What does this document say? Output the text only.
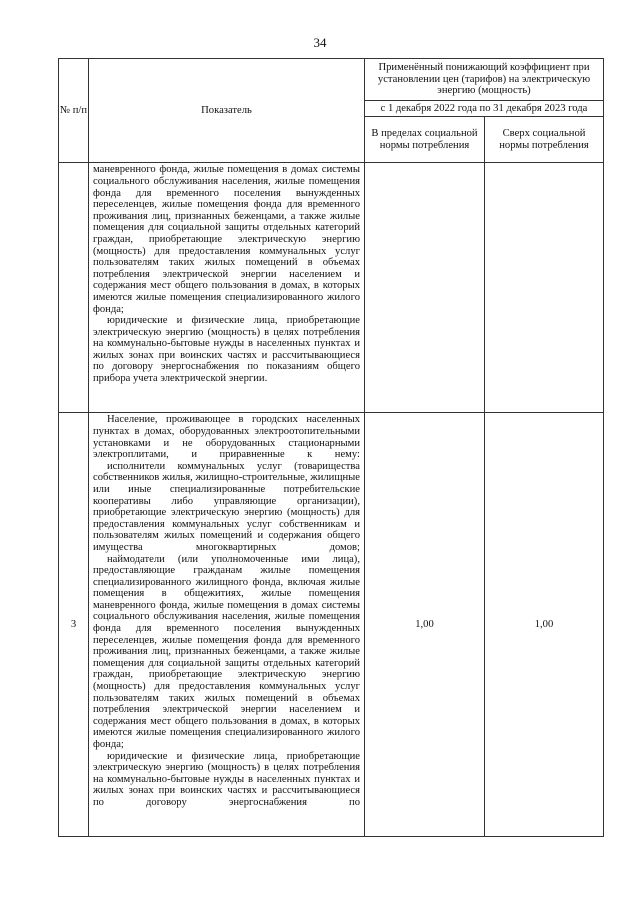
34
№ п/п	Показатель	Применённый понижающий коэффициент при установлении цен (тарифов) на электрическую энергию (мощность)	
		с 1 декабря 2022 года по 31 декабря 2023 года	
		В пределах социальной нормы потребления	Сверх социальной нормы потребления

	маневренного фонда, жилые помещения в домах системы социального обслуживания населения, жилые помещения фонда для временного поселения вынужденных переселенцев, жилые помещения фонда для временного проживания лиц, признанных беженцами, а также жилые помещения для социальной защиты отдельных категорий граждан, приобретающие электрическую энергию (мощность) для предоставления коммунальных услуг пользователям таких жилых помещений в объемах потребления электрической энергии населением и содержания мест общего пользования в домах, в которых имеются жилые помещения специализированного жилого фонда;

юридические и физические лица, приобретающие электрическую энергию (мощность) в целях потребления на коммунально-бытовые нужды в населенных пунктах и жилых зонах при воинских частях и рассчитывающиеся по договору энергоснабжения по показаниям общего прибора учета электрической энергии.		

3	Население, проживающее в городских населенных пунктах в домах, оборудованных электроотопительными установками и не оборудованных стационарными электроплитами, и приравненные к нему:

исполнители коммунальных услуг (товарищества собственников жилья, жилищно-строительные, жилищные или иные специализированные потребительские кооперативы либо управляющие организации), приобретающие электрическую энергию (мощность) для предоставления коммунальных услуг собственникам и пользователям жилых помещений и содержания общего имущества многоквартирных домов;

наймодатели (или уполномоченные ими лица), предоставляющие гражданам жилые помещения специализированного жилищного фонда, включая жилые помещения в общежитиях, жилые помещения маневренного фонда, жилые помещения в домах системы социального обслуживания населения, жилые помещения фонда для временного поселения вынужденных переселенцев, жилые помещения фонда для временного проживания лиц, признанных беженцами, а также жилые помещения для социальной защиты отдельных категорий граждан, приобретающие электрическую энергию (мощность) для предоставления коммунальных услуг пользователям таких жилых помещений в объемах потребления электрической энергии населением и содержания мест общего пользования в домах, в которых имеются жилые помещения специализированного жилого фонда;

юридические и физические лица, приобретающие электрическую энергию (мощность) в целях потребления на коммунально-бытовые нужды в населенных пунктах и жилых зонах при воинских частях и рассчитывающиеся по договору энергоснабжения по	1,00	1,00
